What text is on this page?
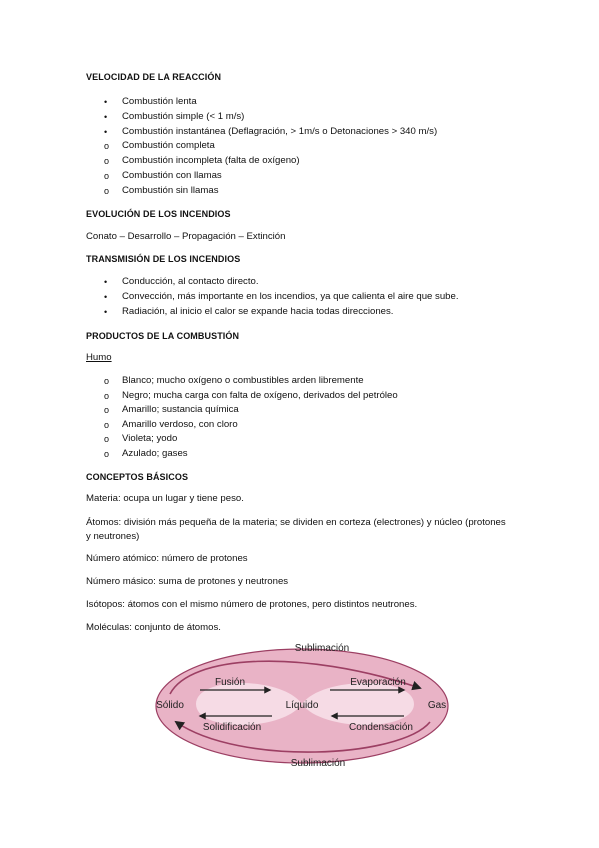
VELOCIDAD DE LA REACCIÓN
• Combustión lenta
• Combustión simple (< 1 m/s)
• Combustión instantánea (Deflagración, > 1m/s o Detonaciones > 340 m/s)
o Combustión completa
o Combustión incompleta (falta de oxígeno)
o Combustión con llamas
o Combustión sin llamas
EVOLUCIÓN DE LOS INCENDIOS
Conato – Desarrollo – Propagación – Extinción
TRANSMISIÓN DE LOS INCENDIOS
• Conducción, al contacto directo.
• Convección, más importante en los incendios, ya que calienta el aire que sube.
• Radiación, al inicio el calor se expande hacia todas direcciones.
PRODUCTOS DE LA COMBUSTIÓN
Humo
o Blanco; mucho oxígeno o combustibles arden libremente
o Negro; mucha carga con falta de oxígeno, derivados del petróleo
o Amarillo; sustancia química
o Amarillo verdoso, con cloro
o Violeta; yodo
o Azulado; gases
CONCEPTOS BÁSICOS
Materia: ocupa un lugar y tiene peso.
Átomos: división más pequeña de la materia; se dividen en corteza (electrones) y núcleo (protones y neutrones)
Número atómico: número de protones
Número másico: suma de protones y neutrones
Isótopos: átomos con el mismo número de protones, pero distintos neutrones.
Moléculas: conjunto de átomos.
Sublimación
Fusión	Evaporación
Sólido	Líquido	Gas
Solidificación	Condensación
Sublimación
